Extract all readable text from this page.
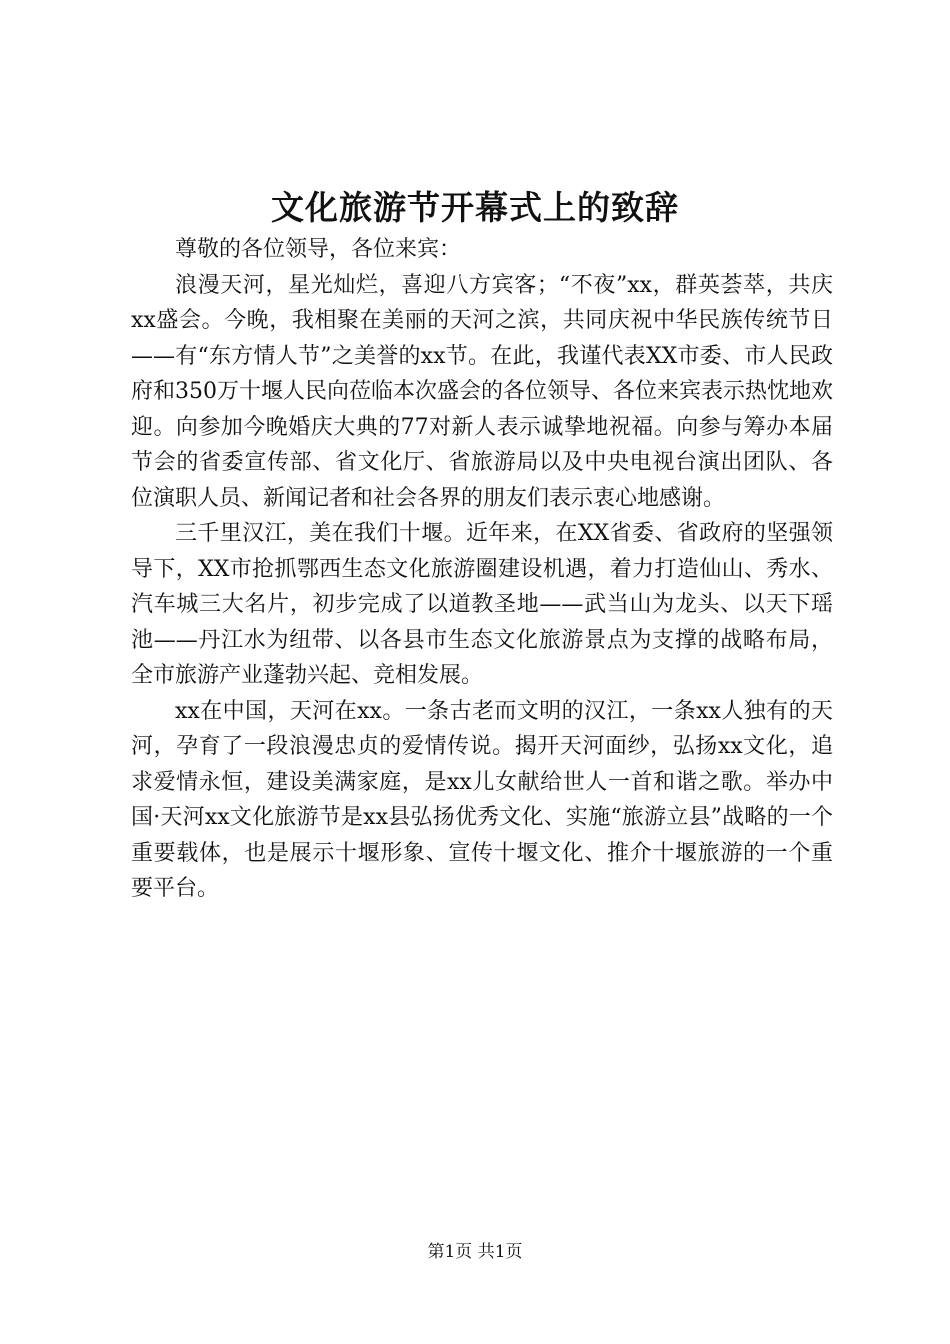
文化旅游节开幕式上的致辞

尊敬的各位领导，各位来宾：

浪漫天河，星光灿烂，喜迎八方宾客；“不夜”xx，群英荟萃，共庆xx盛会。今晚，我相聚在美丽的天河之滨，共同庆祝中华民族传统节日——有“东方情人节”之美誉的xx节。在此，我谨代表XX市委、市人民政府和350万十堰人民向莅临本次盛会的各位领导、各位来宾表示热忱地欢迎。向参加今晚婚庆大典的77对新人表示诚挚地祝福。向参与筹办本届节会的省委宣传部、省文化厅、省旅游局以及中央电视台演出团队、各位演职人员、新闻记者和社会各界的朋友们表示衷心地感谢。

三千里汉江，美在我们十堰。近年来，在XX省委、省政府的坚强领导下，XX市抢抓鄂西生态文化旅游圈建设机遇，着力打造仙山、秀水、汽车城三大名片，初步完成了以道教圣地——武当山为龙头、以天下瑶池——丹江水为纽带、以各县市生态文化旅游景点为支撑的战略布局，全市旅游产业蓬勃兴起、竞相发展。

xx在中国，天河在xx。一条古老而文明的汉江，一条xx人独有的天河，孕育了一段浪漫忠贞的爱情传说。揭开天河面纱，弘扬xx文化，追求爱情永恒，建设美满家庭，是xx儿女献给世人一首和谐之歌。举办中国·天河xx文化旅游节是xx县弘扬优秀文化、实施“旅游立县”战略的一个重要载体，也是展示十堰形象、宣传十堰文化、推介十堰旅游的一个重要平台。

第1页 共1页
